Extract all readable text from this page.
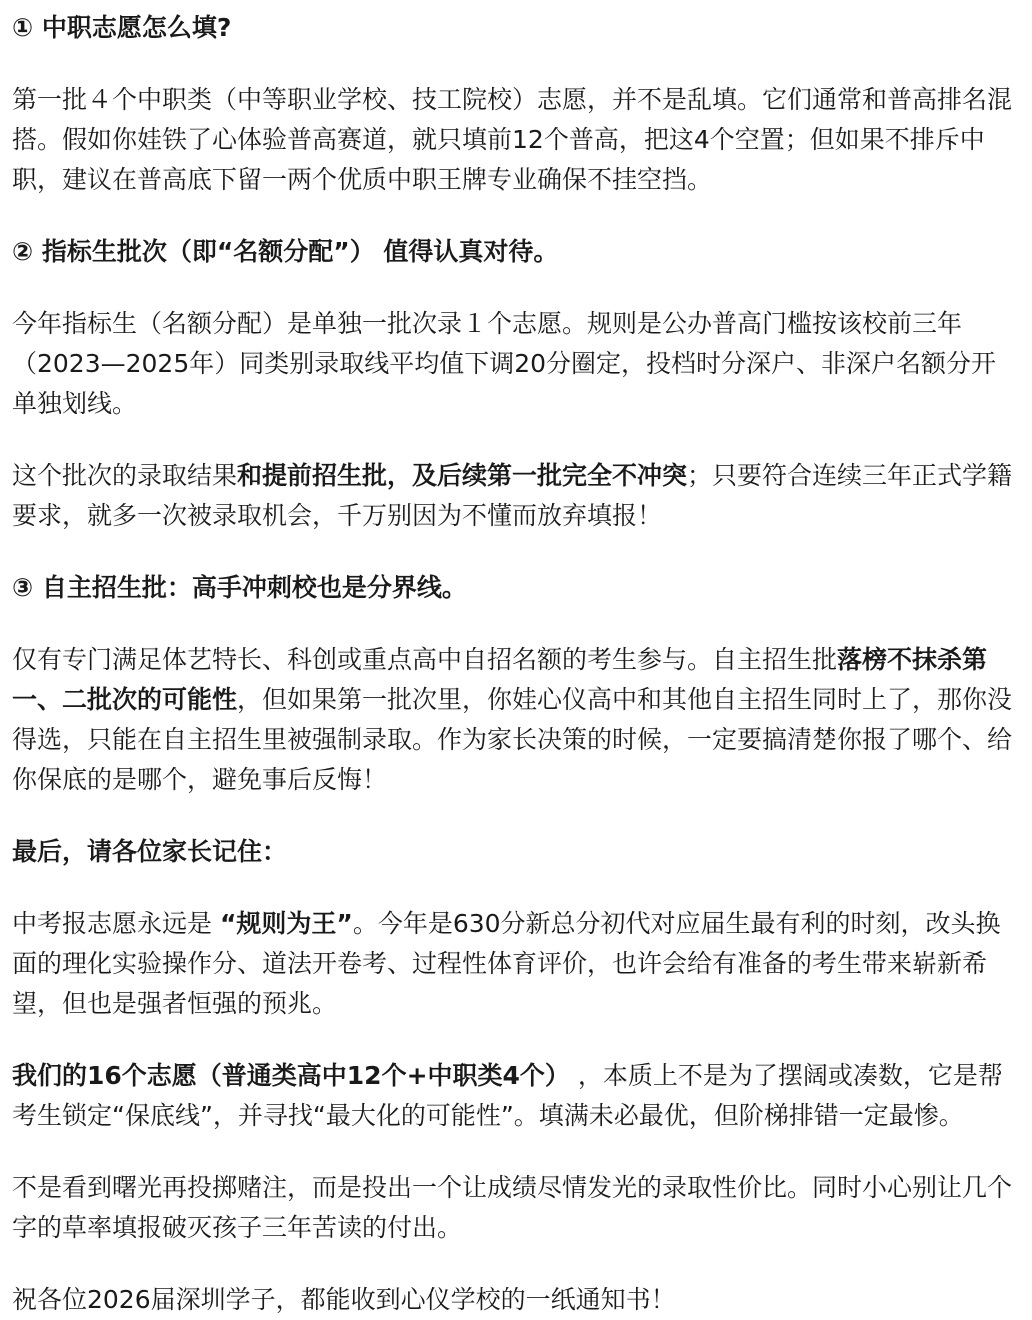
① 中职志愿怎么填?

第一批４个中职类（中等职业学校、技工院校）志愿，并不是乱填。它们通常和普高排名混搭。假如你娃铁了心体验普高赛道，就只填前12个普高，把这4个空置；但如果不排斥中职，建议在普高底下留一两个优质中职王牌专业确保不挂空挡。

② 指标生批次（即“名额分配”） 值得认真对待。

今年指标生（名额分配）是单独一批次录１个志愿。规则是公办普高门槛按该校前三年（2023—2025年）同类别录取线平均值下调20分圈定，投档时分深户、非深户名额分开单独划线。

这个批次的录取结果和提前招生批，及后续第一批完全不冲突；只要符合连续三年正式学籍要求，就多一次被录取机会，千万别因为不懂而放弃填报！

③ 自主招生批：高手冲刺校也是分界线。

仅有专门满足体艺特长、科创或重点高中自招名额的考生参与。自主招生批落榜不抹杀第一、二批次的可能性，但如果第一批次里，你娃心仪高中和其他自主招生同时上了，那你没得选，只能在自主招生里被强制录取。作为家长决策的时候，一定要搞清楚你报了哪个、给你保底的是哪个，避免事后反悔！

最后，请各位家长记住：

中考报志愿永远是 “规则为王”。今年是630分新总分初代对应届生最有利的时刻，改头换面的理化实验操作分、道法开卷考、过程性体育评价，也许会给有准备的考生带来崭新希望，但也是强者恒强的预兆。

我们的16个志愿（普通类高中12个+中职类4个） ，本质上不是为了摆阔或凑数，它是帮考生锁定“保底线”，并寻找“最大化的可能性”。填满未必最优，但阶梯排错一定最惨。

不是看到曙光再投掷赌注，而是投出一个让成绩尽情发光的录取性价比。同时小心别让几个字的草率填报破灭孩子三年苦读的付出。

祝各位2026届深圳学子，都能收到心仪学校的一纸通知书！
